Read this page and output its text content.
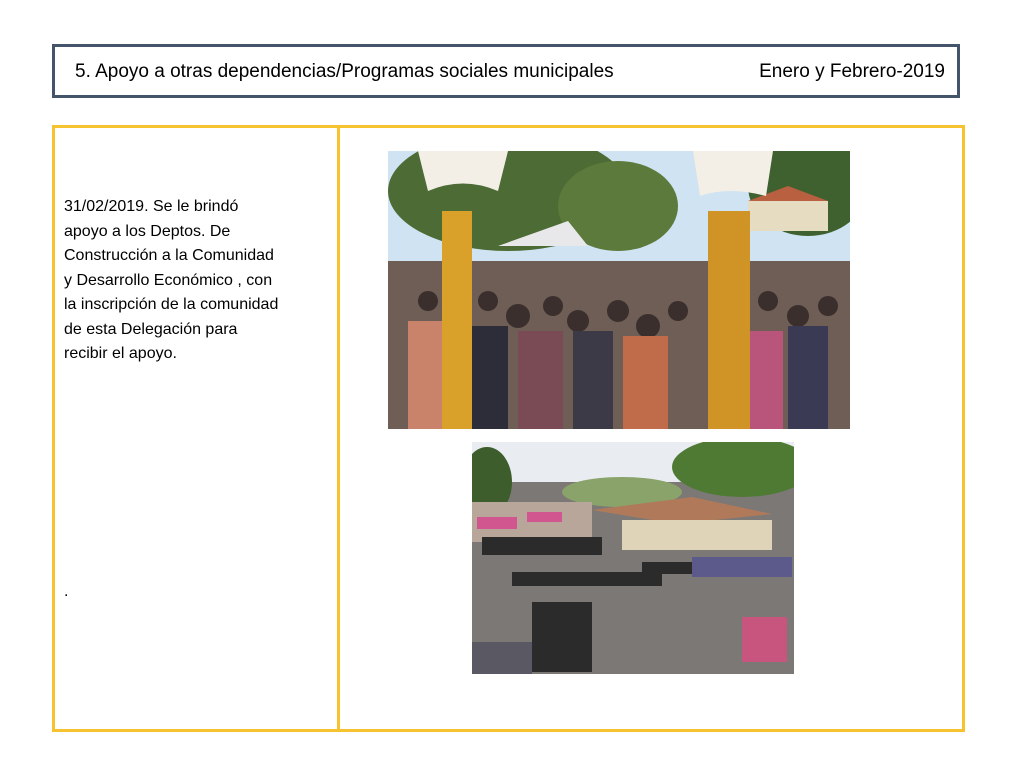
5. Apoyo a otras dependencias/Programas sociales municipales	Enero y Febrero-2019
31/02/2019. Se le brindó
apoyo a los Deptos. De
Construcción a la Comunidad
y Desarrollo Económico , con
la inscripción de la comunidad
de esta Delegación para
recibir el apoyo.
.
